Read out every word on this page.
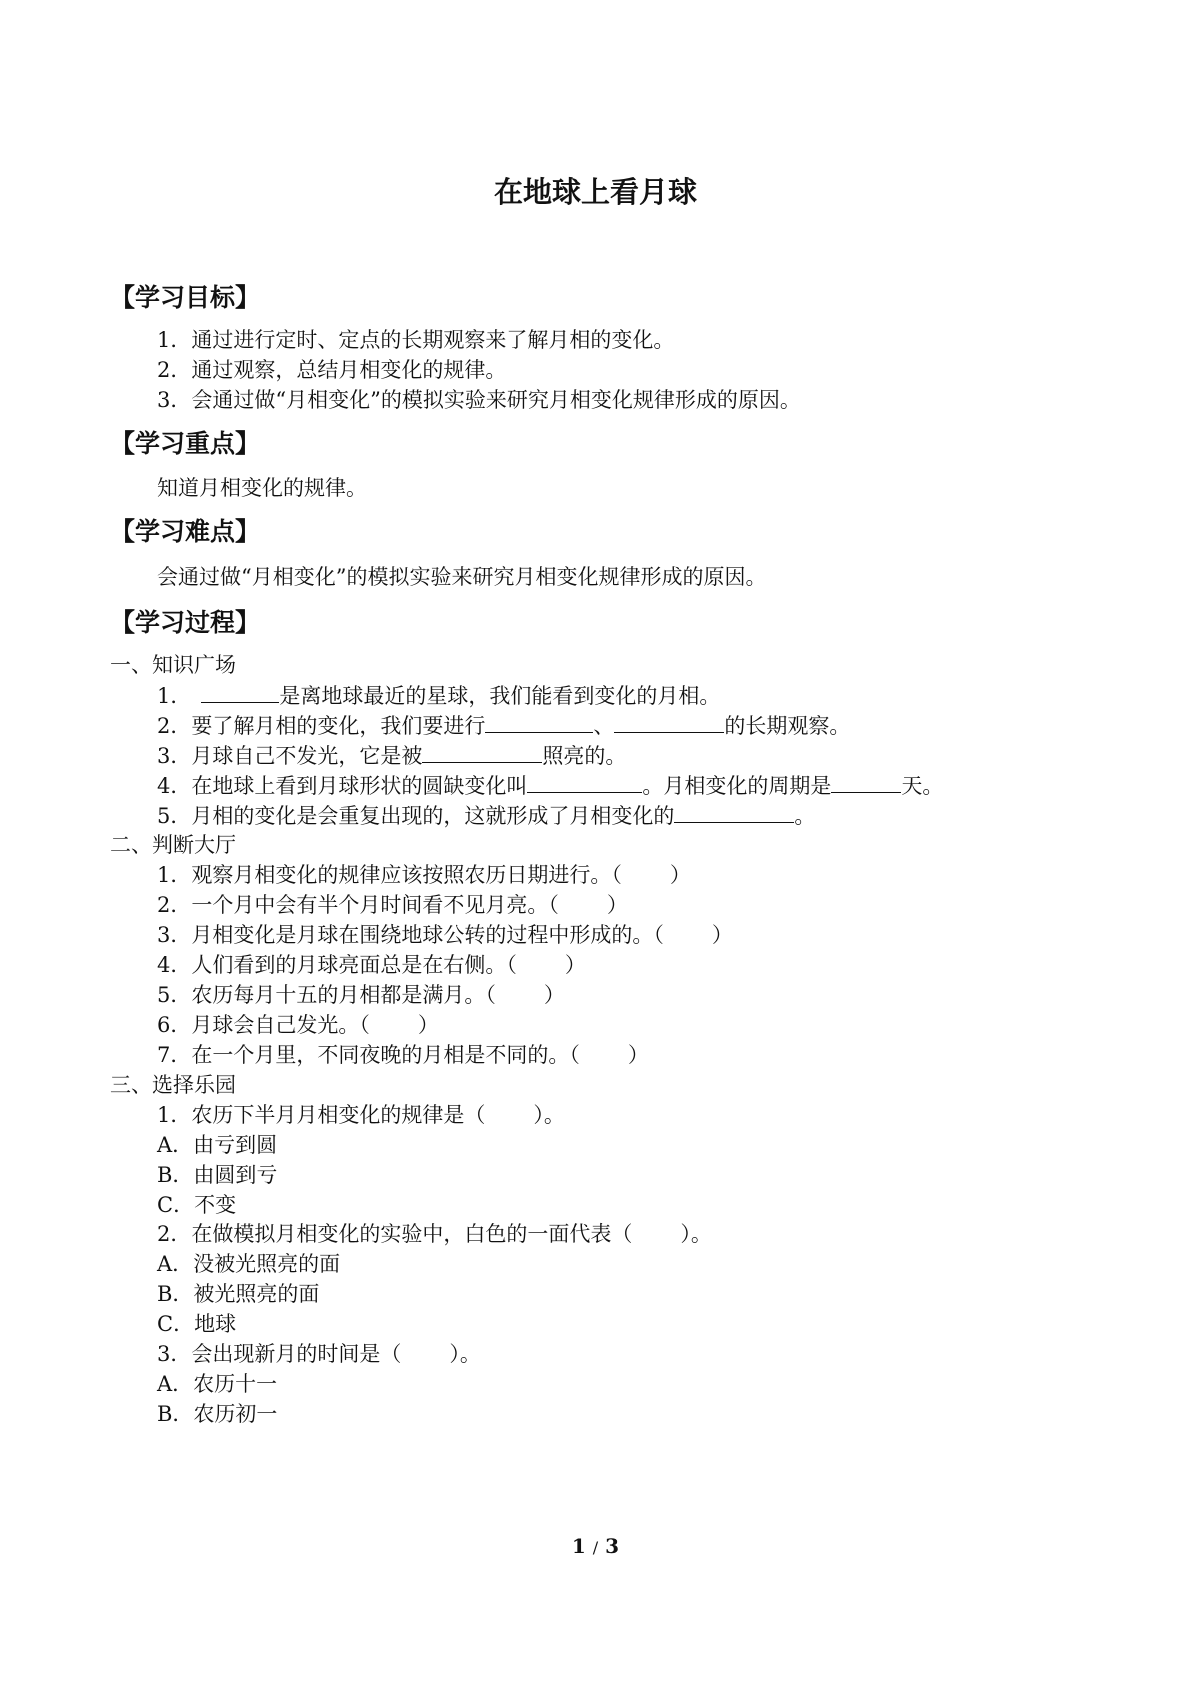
在地球上看月球
【学习目标】
1．通过进行定时、定点的长期观察来了解月相的变化。
2．通过观察，总结月相变化的规律。
3．会通过做“月相变化”的模拟实验来研究月相变化规律形成的原因。
【学习重点】
知道月相变化的规律。
【学习难点】
会通过做“月相变化”的模拟实验来研究月相变化规律形成的原因。
【学习过程】
一、知识广场
1．	是离地球最近的星球，我们能看到变化的月相。
2．要了解月相的变化，我们要进行	、	的长期观察。
3．月球自己不发光，它是被	照亮的。
4．在地球上看到月球形状的圆缺变化叫	。月相变化的周期是	天。
5．月相的变化是会重复出现的，这就形成了月相变化的	。
二、判断大厅
1．观察月相变化的规律应该按照农历日期进行。（ ）
2．一个月中会有半个月时间看不见月亮。（ ）
3．月相变化是月球在围绕地球公转的过程中形成的。（ ）
4．人们看到的月球亮面总是在右侧。（ ）
5．农历每月十五的月相都是满月。（ ）
6．月球会自己发光。（ ）
7．在一个月里，不同夜晚的月相是不同的。（ ）
三、选择乐园
1．农历下半月月相变化的规律是（ ）。
A．由亏到圆
B．由圆到亏
C．不变
2．在做模拟月相变化的实验中，白色的一面代表（ ）。
A．没被光照亮的面
B．被光照亮的面
C．地球
3．会出现新月的时间是（ ）。
A．农历十一
B．农历初一
1 / 3
